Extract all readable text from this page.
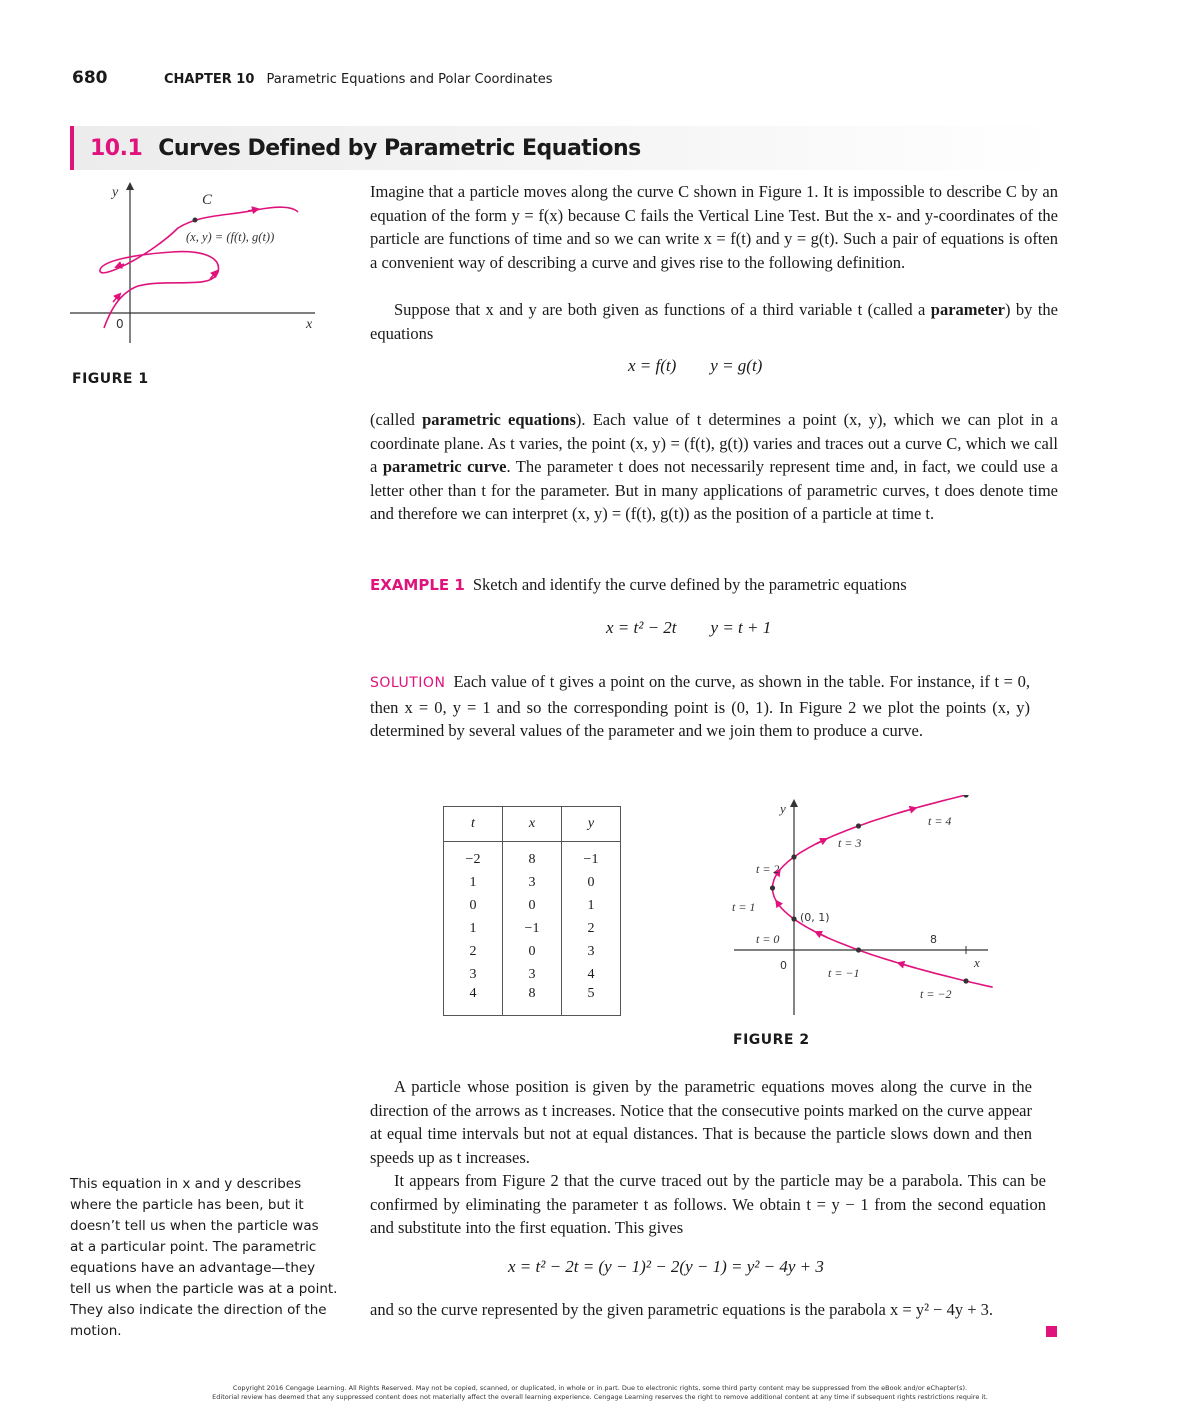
680	CHAPTER 10 Parametric Equations and Polar Coordinates
10.1 Curves Defined by Parametric Equations
y
x
0
C
(x, y) = (f(t), g(t))
FIGURE 1
Imagine that a particle moves along the curve C shown in Figure 1. It is impossible to describe C by an equation of the form y = f(x) because C fails the Vertical Line Test. But the x- and y-coordinates of the particle are functions of time and so we can write x = f(t) and y = g(t). Such a pair of equations is often a convenient way of describing a curve and gives rise to the following definition.
Suppose that x and y are both given as functions of a third variable t (called a parameter) by the equations
x = f(t)        y = g(t)
(called parametric equations). Each value of t determines a point (x, y), which we can plot in a coordinate plane. As t varies, the point (x, y) = (f(t), g(t)) varies and traces out a curve C, which we call a parametric curve. The parameter t does not necessarily represent time and, in fact, we could use a letter other than t for the parameter. But in many applications of parametric curves, t does denote time and therefore we can interpret (x, y) = (f(t), g(t)) as the position of a particle at time t.
EXAMPLE 1 Sketch and identify the curve defined by the parametric equations
x = t² − 2t        y = t + 1
SOLUTION Each value of t gives a point on the curve, as shown in the table. For instance, if t = 0, then x = 0, y = 1 and so the corresponding point is (0, 1). In Figure 2 we plot the points (x, y) determined by several values of the parameter and we join them to produce a curve.
t	x	y
−2	8	−1
1	3	0
0	0	1
1	−1	2
2	0	3
3	3	4
4	8	5
y
x
0
(0, 1)
8
t = 4
t = 3
t = 2
t = 1
t = 0
t = −1
t = −2
FIGURE 2
A particle whose position is given by the parametric equations moves along the curve in the direction of the arrows as t increases. Notice that the consecutive points marked on the curve appear at equal time intervals but not at equal distances. That is because the particle slows down and then speeds up as t increases.
It appears from Figure 2 that the curve traced out by the particle may be a parabola. This can be confirmed by eliminating the parameter t as follows. We obtain t = y − 1 from the second equation and substitute into the first equation. This gives
x = t² − 2t = (y − 1)² − 2(y − 1) = y² − 4y + 3
and so the curve represented by the given parametric equations is the parabola x = y² − 4y + 3.
This equation in x and y describes
where the particle has been, but it
doesn’t tell us when the particle was
at a particular point. The parametric
equations have an advantage—they
tell us when the particle was at a point.
They also indicate the direction of the
motion.
Copyright 2016 Cengage Learning. All Rights Reserved. May not be copied, scanned, or duplicated, in whole or in part. Due to electronic rights, some third party content may be suppressed from the eBook and/or eChapter(s).
Editorial review has deemed that any suppressed content does not materially affect the overall learning experience. Cengage Learning reserves the right to remove additional content at any time if subsequent rights restrictions require it.
